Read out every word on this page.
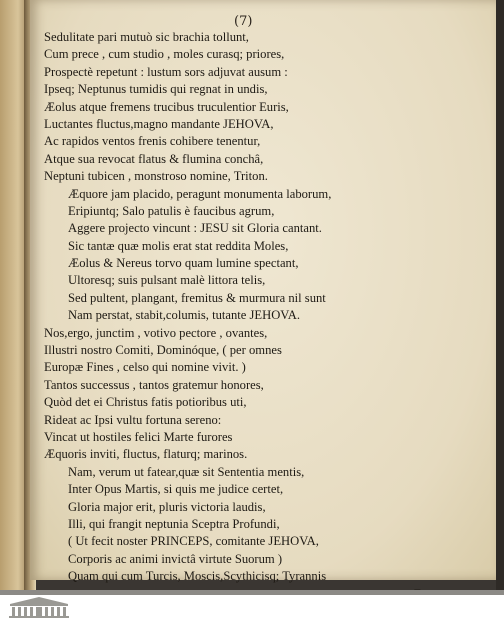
(7)
Sedulitate pari mutuò sic brachia tollunt,
Cum prece , cum studio , moles curasq; priores,
Prospectè repetunt : lustum sors adjuvat ausum :
Ipseq; Neptunus tumidis qui regnat in undis,
Æolus atque fremens trucibus truculentior Euris,
Luctantes fluctus,magno mandante JEHOVA,
Ac rapidos ventos frenis cohibere tenentur,
Atque sua revocat flatus & flumina conchâ,
Neptuni tubicen , monstroso nomine, Triton.
Æquore jam placido, peragunt monumenta laborum,
Eripiuntq; Salo patulis è faucibus agrum,
Aggere projecto vincunt : JESU sit Gloria cantant.
Sic tantæ quæ molis erat stat reddita Moles,
Æolus & Nereus torvo quam lumine spectant,
Ultoresq; suis pulsant malè littora telis,
Sed pultent, plangant, fremitus & murmura nil sunt
Nam perstat, stabit,columis, tutante JEHOVA.
Nos,ergo, junctim , votivo pectore , ovantes,
Illustri nostro Comiti, Dominóque, ( per omnes
Europæ Fines , celso qui nomine vivit. )
Tantos successus , tantos gratemur honores,
Quòd det ei Christus fatis potioribus uti,
Rideat ac Ipsi vultu fortuna sereno:
Vincat ut hostiles felici Marte furores
Æquoris inviti, fluctus, flaturq; marinos.
Nam, verum ut fatear,quæ sit Sententia mentis,
Inter Opus Martis, si quis me judice certet,
Gloria major erit, pluris victoria laudis,
Illi, qui frangit neptunia Sceptra Profundi,
( Ut fecit noster PRINCEPS, comitante JEHOVA,
Corporis ac animi invictâ virtute Suorum )
Quam qui cum Turcis, Moscis,Scythicisq; Tyrannis
